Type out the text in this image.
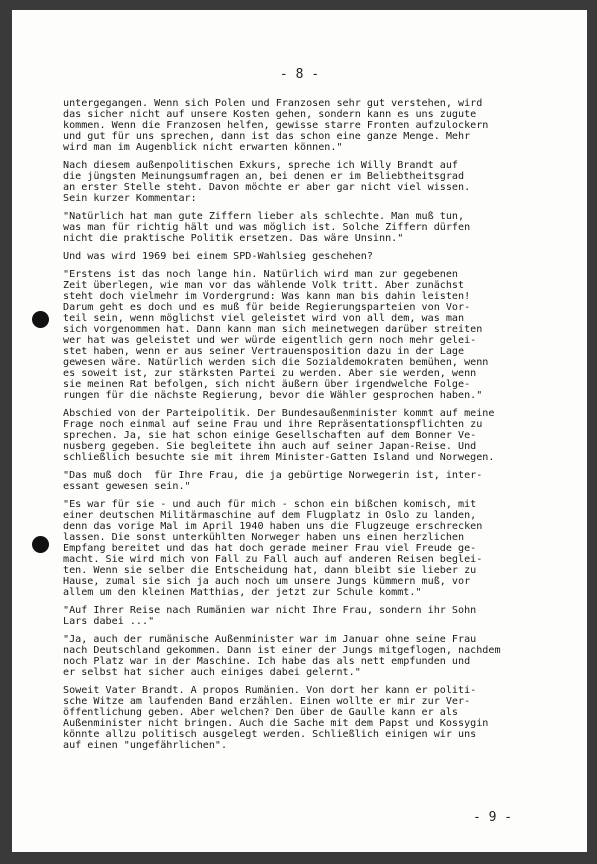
- 8 -

untergegangen. Wenn sich Polen und Franzosen sehr gut verstehen, wird
das sicher nicht auf unsere Kosten gehen, sondern kann es uns zugute
kommen. Wenn die Franzosen helfen, gewisse starre Fronten aufzulockern
und gut für uns sprechen, dann ist das schon eine ganze Menge. Mehr
wird man im Augenblick nicht erwarten können."

Nach diesem außenpolitischen Exkurs, spreche ich Willy Brandt auf
die jüngsten Meinungsumfragen an, bei denen er im Beliebtheitsgrad
an erster Stelle steht. Davon möchte er aber gar nicht viel wissen.
Sein kurzer Kommentar:

"Natürlich hat man gute Ziffern lieber als schlechte. Man muß tun,
was man für richtig hält und was möglich ist. Solche Ziffern dürfen
nicht die praktische Politik ersetzen. Das wäre Unsinn."

Und was wird 1969 bei einem SPD-Wahlsieg geschehen?

"Erstens ist das noch lange hin. Natürlich wird man zur gegebenen
Zeit überlegen, wie man vor das wählende Volk tritt. Aber zunächst
steht doch vielmehr im Vordergrund: Was kann man bis dahin leisten!
Darum geht es doch und es muß für beide Regierungsparteien von Vor-
teil sein, wenn möglichst viel geleistet wird von all dem, was man
sich vorgenommen hat. Dann kann man sich meinetwegen darüber streiten
wer hat was geleistet und wer würde eigentlich gern noch mehr gelei-
stet haben, wenn er aus seiner Vertrauensposition dazu in der Lage
gewesen wäre. Natürlich werden sich die Sozialdemokraten bemühen, wenn
es soweit ist, zur stärksten Partei zu werden. Aber sie werden, wenn
sie meinen Rat befolgen, sich nicht äußern über irgendwelche Folge-
rungen für die nächste Regierung, bevor die Wähler gesprochen haben."

Abschied von der Parteipolitik. Der Bundesaußenminister kommt auf meine
Frage noch einmal auf seine Frau und ihre Repräsentationspflichten zu
sprechen. Ja, sie hat schon einige Gesellschaften auf dem Bonner Ve-
nusberg gegeben. Sie begleitete ihn auch auf seiner Japan-Reise. Und
schließlich besuchte sie mit ihrem Minister-Gatten Island und Norwegen.

"Das muß doch  für Ihre Frau, die ja gebürtige Norwegerin ist, inter-
essant gewesen sein."

"Es war für sie - und auch für mich - schon ein bißchen komisch, mit
einer deutschen Militärmaschine auf dem Flugplatz in Oslo zu landen,
denn das vorige Mal im April 1940 haben uns die Flugzeuge erschrecken
lassen. Die sonst unterkühlten Norweger haben uns einen herzlichen
Empfang bereitet und das hat doch gerade meiner Frau viel Freude ge-
macht. Sie wird mich von Fall zu Fall auch auf anderen Reisen beglei-
ten. Wenn sie selber die Entscheidung hat, dann bleibt sie lieber zu
Hause, zumal sie sich ja auch noch um unsere Jungs kümmern muß, vor
allem um den kleinen Matthias, der jetzt zur Schule kommt."

"Auf Ihrer Reise nach Rumänien war nicht Ihre Frau, sondern ihr Sohn
Lars dabei ..."

"Ja, auch der rumänische Außenminister war im Januar ohne seine Frau
nach Deutschland gekommen. Dann ist einer der Jungs mitgeflogen, nachdem
noch Platz war in der Maschine. Ich habe das als nett empfunden und
er selbst hat sicher auch einiges dabei gelernt."

Soweit Vater Brandt. A propos Rumänien. Von dort her kann er politi-
sche Witze am laufenden Band erzählen. Einen wollte er mir zur Ver-
öffentlichung geben. Aber welchen? Den über de Gaulle kann er als
Außenminister nicht bringen. Auch die Sache mit dem Papst und Kossygin
könnte allzu politisch ausgelegt werden. Schließlich einigen wir uns
auf einen "ungefährlichen".

- 9 -
